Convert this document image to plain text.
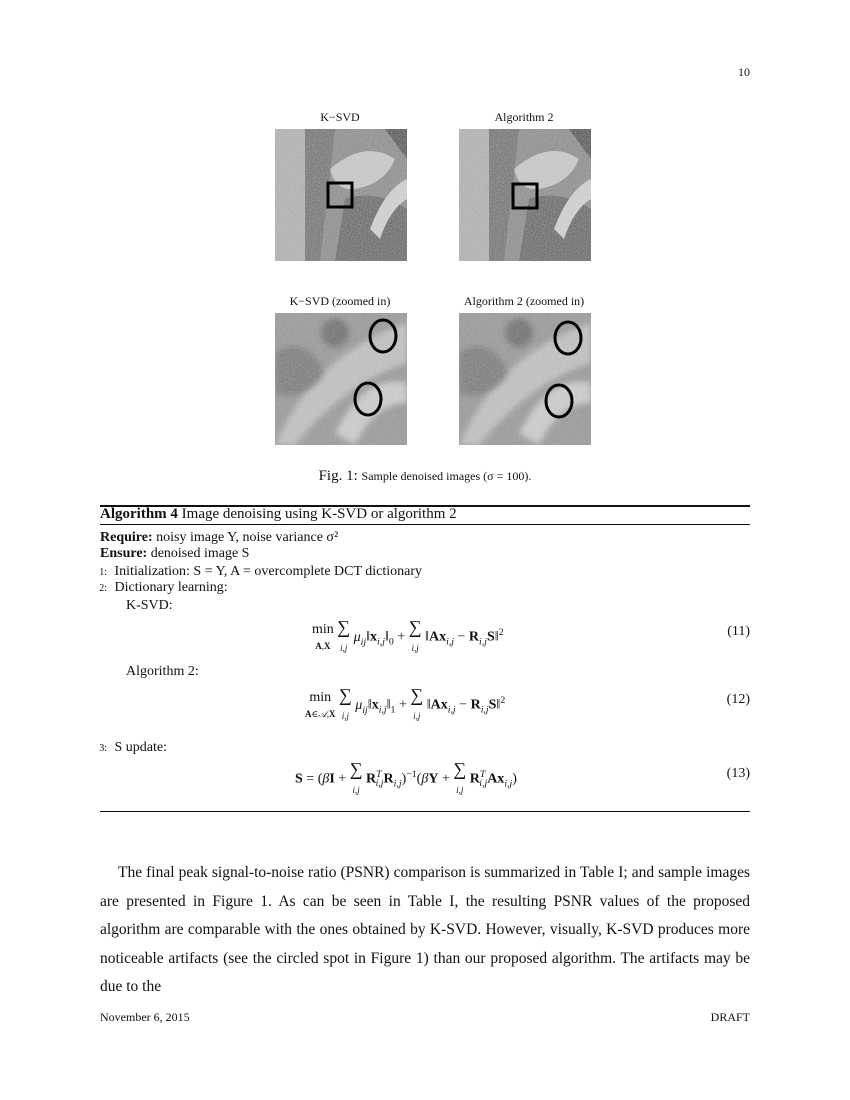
10
K−SVD	Algorithm 2
K−SVD (zoomed in)	Algorithm 2 (zoomed in)
Fig. 1: Sample denoised images (σ = 100).
Algorithm 4 Image denoising using K-SVD or algorithm 2
Require: noisy image Y, noise variance σ²
Ensure: denoised image S
1: Initialization: S = Y, A = overcomplete DCT dictionary
2: Dictionary learning:
K-SVD:
min
$_{A,X}$ ∑
$_{i,j}$ $\mu_{ij}‖x_{i,j}‖_0$ + ∑
$_{i,j}$ $‖Ax_{i,j}$ − $R_{i,j}S‖^2$	(11)
Algorithm 2:
min
$_{A\in 𝒜,X}$ ∑
$_{i,j}$ $\mu_{ij}‖x_{i,j}‖_1$ + ∑
$_{i,j}$ $‖Ax_{i,j}$ − $R_{i,j}S‖^2$	(12)
3: S update:
S = (βI + ∑
$_{i,j}$ $R^T_{i,j}R_{i,j})^{-1}(\beta Y$ + ∑
$_{i,j}$ $R^T_{i,j}Ax_{i,j}$)	(13)
The final peak signal-to-noise ratio (PSNR) comparison is summarized in Table I; and sample images are presented in Figure 1. As can be seen in Table I, the resulting PSNR values of the proposed algorithm are comparable with the ones obtained by K-SVD. However, visually, K-SVD produces more noticeable artifacts (see the circled spot in Figure 1) than our proposed algorithm. The artifacts may be due to the
November 6, 2015	DRAFT
